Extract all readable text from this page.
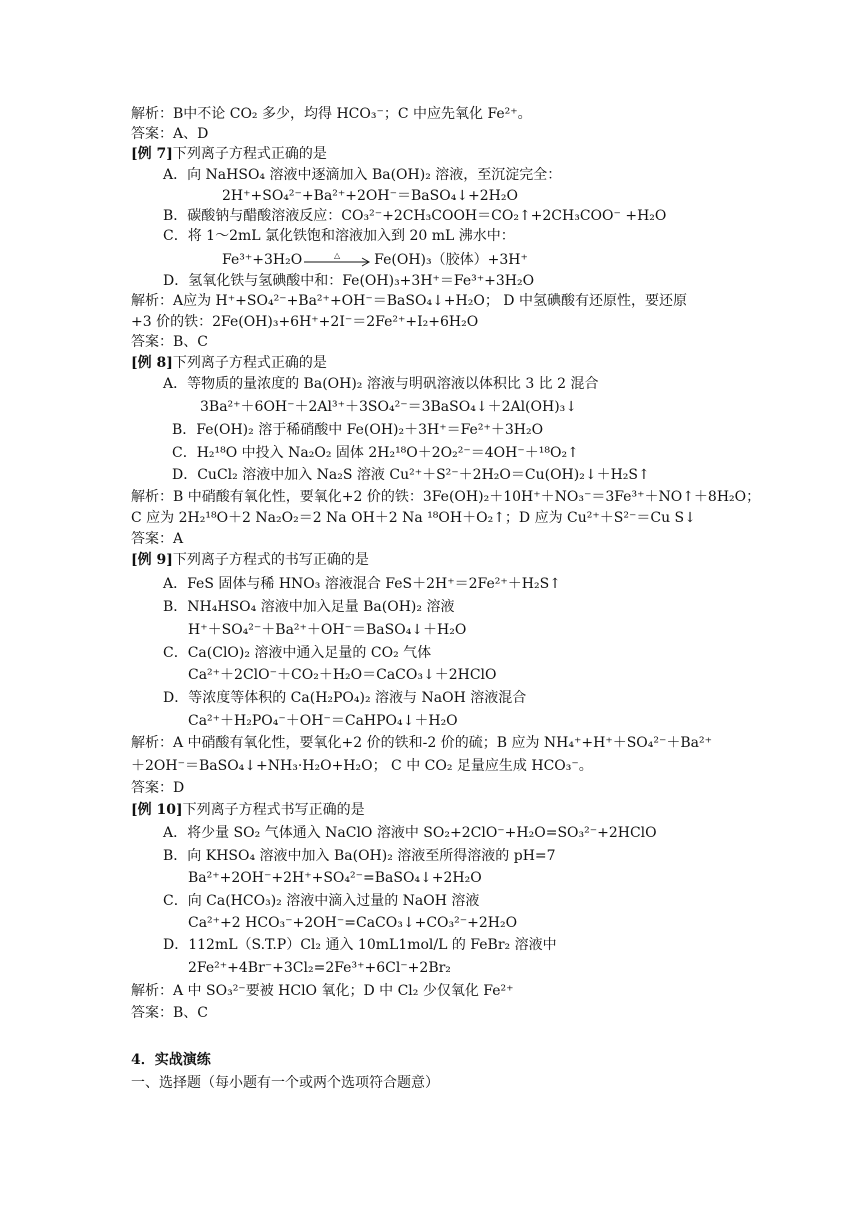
解析：B中不论 CO₂ 多少，均得 HCO₃⁻；C 中应先氧化 Fe²⁺。
答案：A、D
[例 7]下列离子方程式正确的是
A．向 NaHSO₄ 溶液中逐滴加入 Ba(OH)₂ 溶液，至沉淀完全：
2H⁺+SO₄²⁻+Ba²⁺+2OH⁻＝BaSO₄↓+2H₂O
B．碳酸钠与醋酸溶液反应：CO₃²⁻+2CH₃COOH＝CO₂↑+2CH₃COO⁻ +H₂O
C．将 1～2mL 氯化铁饱和溶液加入到 20 mL 沸水中：
Fe³⁺+3H₂O	△ Fe(OH)₃（胶体）+3H⁺
D．氢氧化铁与氢碘酸中和：Fe(OH)₃+3H⁺＝Fe³⁺+3H₂O
解析：A应为 H⁺+SO₄²⁻+Ba²⁺+OH⁻＝BaSO₄↓+H₂O； D 中氢碘酸有还原性，要还原
+3 价的铁：2Fe(OH)₃+6H⁺+2I⁻＝2Fe²⁺+I₂+6H₂O
答案：B、C
[例 8]下列离子方程式正确的是
A．等物质的量浓度的 Ba(OH)₂ 溶液与明矾溶液以体积比 3 比 2 混合
3Ba²⁺＋6OH⁻＋2Al³⁺＋3SO₄²⁻＝3BaSO₄↓＋2Al(OH)₃↓
B．Fe(OH)₂ 溶于稀硝酸中 Fe(OH)₂＋3H⁺＝Fe²⁺＋3H₂O
C．H₂¹⁸O 中投入 Na₂O₂ 固体 2H₂¹⁸O＋2O₂²⁻＝4OH⁻＋¹⁸O₂↑
D．CuCl₂ 溶液中加入 Na₂S 溶液 Cu²⁺＋S²⁻＋2H₂O＝Cu(OH)₂↓＋H₂S↑
解析：B 中硝酸有氧化性，要氧化+2 价的铁：3Fe(OH)₂＋10H⁺＋NO₃⁻＝3Fe³⁺＋NO↑＋8H₂O；
C 应为 2H₂¹⁸O＋2 Na₂O₂＝2 Na OH＋2 Na ¹⁸OH＋O₂↑；D 应为 Cu²⁺＋S²⁻＝Cu S↓
答案：A
[例 9]下列离子方程式的书写正确的是
A．FeS 固体与稀 HNO₃ 溶液混合 FeS＋2H⁺＝2Fe²⁺＋H₂S↑
B．NH₄HSO₄ 溶液中加入足量 Ba(OH)₂ 溶液
H⁺＋SO₄²⁻＋Ba²⁺＋OH⁻＝BaSO₄↓＋H₂O
C．Ca(ClO)₂ 溶液中通入足量的 CO₂ 气体
Ca²⁺＋2ClO⁻＋CO₂＋H₂O＝CaCO₃↓＋2HClO
D．等浓度等体积的 Ca(H₂PO₄)₂ 溶液与 NaOH 溶液混合
Ca²⁺＋H₂PO₄⁻＋OH⁻＝CaHPO₄↓＋H₂O
解析：A 中硝酸有氧化性，要氧化+2 价的铁和-2 价的硫；B 应为 NH₄⁺+H⁺＋SO₄²⁻＋Ba²⁺
＋2OH⁻＝BaSO₄↓+NH₃·H₂O+H₂O； C 中 CO₂ 足量应生成 HCO₃⁻。
答案：D
[例 10]下列离子方程式书写正确的是
A．将少量 SO₂ 气体通入 NaClO 溶液中 SO₂+2ClO⁻+H₂O=SO₃²⁻+2HClO
B．向 KHSO₄ 溶液中加入 Ba(OH)₂ 溶液至所得溶液的 pH=7
Ba²⁺+2OH⁻+2H⁺+SO₄²⁻=BaSO₄↓+2H₂O
C．向 Ca(HCO₃)₂ 溶液中滴入过量的 NaOH 溶液
Ca²⁺+2 HCO₃⁻+2OH⁻=CaCO₃↓+CO₃²⁻+2H₂O
D．112mL（S.T.P）Cl₂ 通入 10mL1mol/L 的 FeBr₂ 溶液中
2Fe²⁺+4Br⁻+3Cl₂=2Fe³⁺+6Cl⁻+2Br₂
解析：A 中 SO₃²⁻要被 HClO 氧化；D 中 Cl₂ 少仅氧化 Fe²⁺
答案：B、C
4．实战演练
一、选择题（每小题有一个或两个选项符合题意）
